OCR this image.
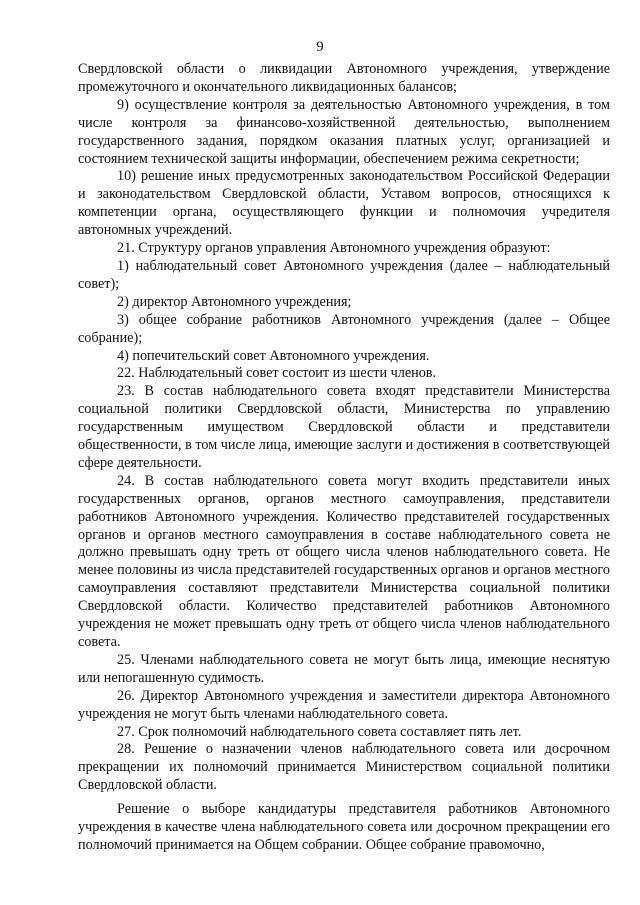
9

Свердловской области о ликвидации Автономного учреждения, утверждение промежуточного и окончательного ликвидационных балансов;

9) осуществление контроля за деятельностью Автономного учреждения, в том числе контроля за финансово-хозяйственной деятельностью, выполнением государственного задания, порядком оказания платных услуг, организацией и состоянием технической защиты информации, обеспечением режима секретности;

10) решение иных предусмотренных законодательством Российской Федерации и законодательством Свердловской области, Уставом вопросов, относящихся к компетенции органа, осуществляющего функции и полномочия учредителя автономных учреждений.

21. Структуру органов управления Автономного учреждения образуют:

1) наблюдательный совет Автономного учреждения (далее – наблюдательный совет);

2) директор Автономного учреждения;

3) общее собрание работников Автономного учреждения (далее – Общее собрание);

4) попечительский совет Автономного учреждения.

22. Наблюдательный совет состоит из шести членов.

23. В состав наблюдательного совета входят представители Министерства социальной политики Свердловской области, Министерства по управлению государственным имуществом Свердловской области и представители общественности, в том числе лица, имеющие заслуги и достижения в соответствующей сфере деятельности.

24. В состав наблюдательного совета могут входить представители иных государственных органов, органов местного самоуправления, представители работников Автономного учреждения. Количество представителей государственных органов и органов местного самоуправления в составе наблюдательного совета не должно превышать одну треть от общего числа членов наблюдательного совета. Не менее половины из числа представителей государственных органов и органов местного самоуправления составляют представители Министерства социальной политики Свердловской области. Количество представителей работников Автономного учреждения не может превышать одну треть от общего числа членов наблюдательного совета.

25. Членами наблюдательного совета не могут быть лица, имеющие неснятую или непогашенную судимость.

26. Директор Автономного учреждения и заместители директора Автономного учреждения не могут быть членами наблюдательного совета.

27. Срок полномочий наблюдательного совета составляет пять лет.

28. Решение о назначении членов наблюдательного совета или досрочном прекращении их полномочий принимается Министерством социальной политики Свердловской области.

Решение о выборе кандидатуры представителя работников Автономного учреждения в качестве члена наблюдательного совета или досрочном прекращении его полномочий принимается на Общем собрании. Общее собрание правомочно,
